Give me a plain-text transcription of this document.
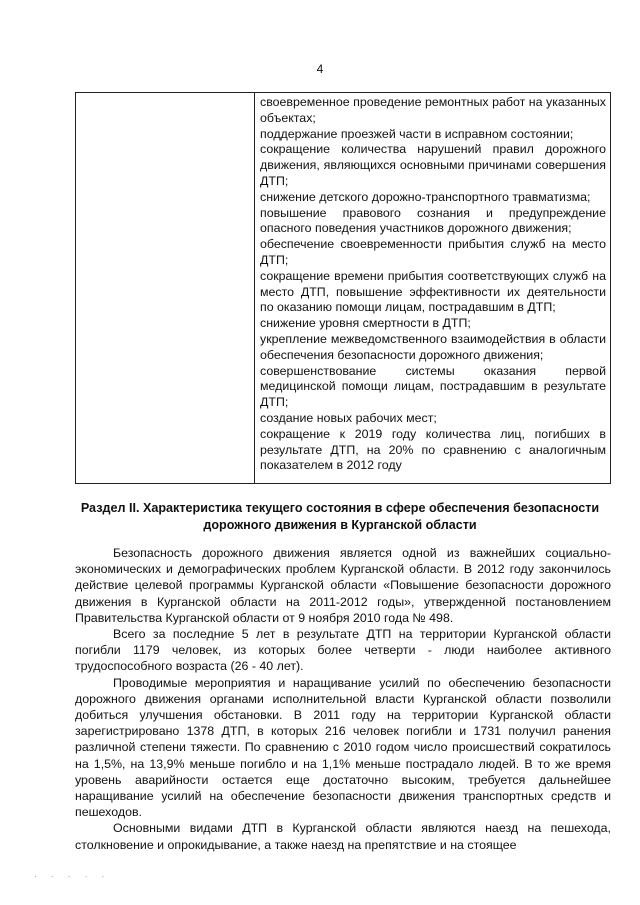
4

своевременное проведение ремонтных работ на указанных объектах;

поддержание проезжей части в исправном состоянии;

сокращение количества нарушений правил дорожного движения, являющихся основными причинами совершения ДТП;

снижение детского дорожно-транспортного травматизма;

повышение правового сознания и предупреждение опасного поведения участников дорожного движения;

обеспечение своевременности прибытия служб на место ДТП;

сокращение времени прибытия соответствующих служб на место ДТП, повышение эффективности их деятельности по оказанию помощи лицам, пострадавшим в ДТП;

снижение уровня смертности в ДТП;

укрепление межведомственного взаимодействия в области обеспечения безопасности дорожного движения;

совершенствование системы оказания первой медицинской помощи лицам, пострадавшим в результате ДТП;

создание новых рабочих мест;

сокращение к 2019 году количества лиц, погибших в результате ДТП, на 20% по сравнению с аналогичным показателем в 2012 году

Раздел II. Характеристика текущего состояния в сфере обеспечения безопасности дорожного движения в Курганской области

Безопасность дорожного движения является одной из важнейших социально-экономических и демографических проблем Курганской области. В 2012 году закончилось действие целевой программы Курганской области «Повышение безопасности дорожного движения в Курганской области на 2011-2012 годы», утвержденной постановлением Правительства Курганской области от 9 ноября 2010 года № 498.

Всего за последние 5 лет в результате ДТП на территории Курганской области погибли 1179 человек, из которых более четверти - люди наиболее активного трудоспособного возраста (26 - 40 лет).

Проводимые мероприятия и наращивание усилий по обеспечению безопасности дорожного движения органами исполнительной власти Курганской области позволили добиться улучшения обстановки. В 2011 году на территории Курганской области зарегистрировано 1378 ДТП, в которых 216 человек погибли и 1731 получил ранения различной степени тяжести. По сравнению с 2010 годом число происшествий сократилось на 1,5%, на 13,9% меньше погибло и на 1,1% меньше пострадало людей. В то же время уровень аварийности остается еще достаточно высоким, требуется дальнейшее наращивание усилий на обеспечение безопасности движения транспортных средств и пешеходов.

Основными видами ДТП в Курганской области являются наезд на пешехода, столкновение и опрокидывание, а также наезд на препятствие и на стоящее

· · · · ·
